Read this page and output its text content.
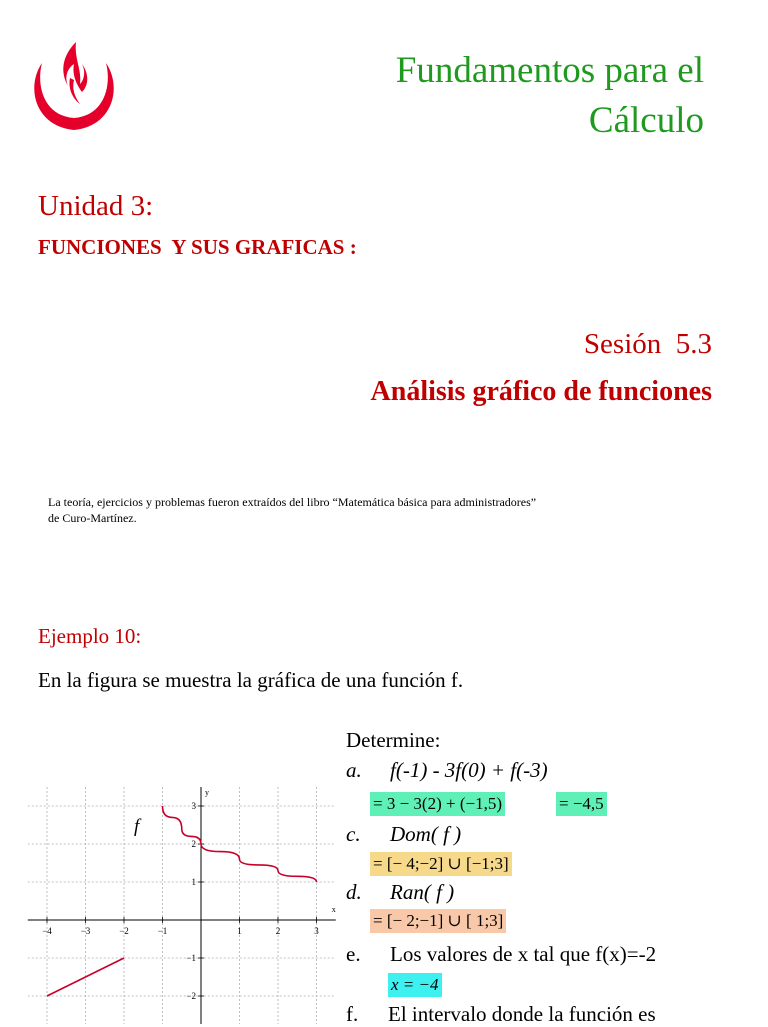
Fundamentos para el
Cálculo
Unidad 3:
FUNCIONES  Y SUS GRAFICAS :
Sesión  5.3
Análisis gráfico de funciones
La teoría, ejercicios y problemas fueron extraídos del libro “Matemática básica para administradores”
de Curo-Martínez.
Ejemplo 10:
En la figura se muestra la gráfica de una función f.
x
y
−4	−3	−2	−1	1	2	3
3
2
1
−1
−2
f
Determine:
a. f(-1) - 3f(0) + f(-3)
= 3 − 3(2) + (−1,5)	= −4,5
c. Dom( f )
= [− 4;−2] ∪ [−1;3]
d. Ran( f )
= [− 2;−1] ∪ [ 1;3]
e. Los valores de x tal que f(x)=-2
x = −4
f. El intervalo donde la función es
